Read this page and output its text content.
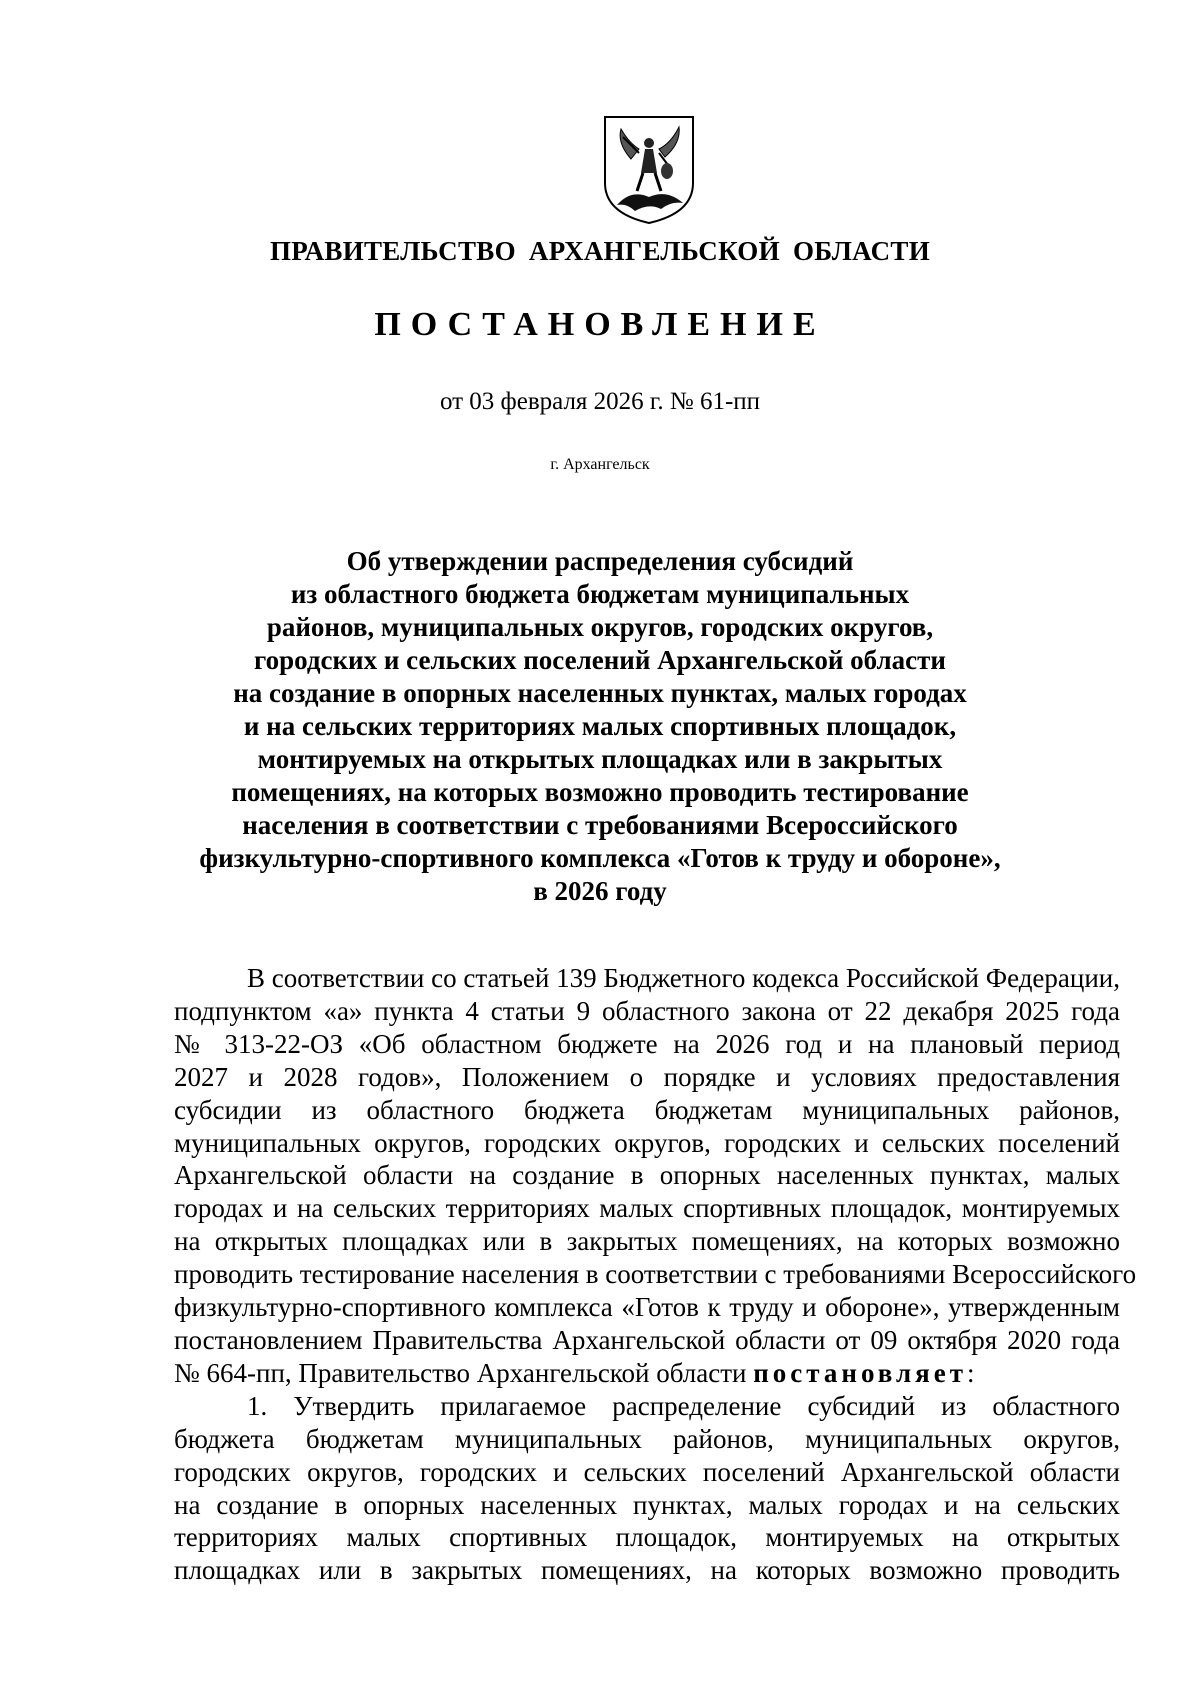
ПРАВИТЕЛЬСТВО АРХАНГЕЛЬСКОЙ ОБЛАСТИ
ПОСТАНОВЛЕНИЕ
от 03 февраля 2026 г. № 61-пп
г. Архангельск
Об утверждении распределения субсидий
из областного бюджета бюджетам муниципальных
районов, муниципальных округов, городских округов,
городских и сельских поселений Архангельской области
на создание в опорных населенных пунктах, малых городах
и на сельских территориях малых спортивных площадок,
монтируемых на открытых площадках или в закрытых
помещениях, на которых возможно проводить тестирование
населения в соответствии с требованиями Всероссийского
физкультурно-спортивного комплекса «Готов к труду и обороне»,
в 2026 году
В соответствии со статьей 139 Бюджетного кодекса Российской Федерации,
подпунктом «а» пункта 4 статьи 9 областного закона от 22 декабря 2025 года
№ 313-22-ОЗ «Об областном бюджете на 2026 год и на плановый период
2027 и 2028 годов», Положением о порядке и условиях предоставления
субсидии из областного бюджета бюджетам муниципальных районов,
муниципальных округов, городских округов, городских и сельских поселений
Архангельской области на создание в опорных населенных пунктах, малых
городах и на сельских территориях малых спортивных площадок, монтируемых
на открытых площадках или в закрытых помещениях, на которых возможно
проводить тестирование населения в соответствии с требованиями Всероссийского
физкультурно-спортивного комплекса «Готов к труду и обороне», утвержденным
постановлением Правительства Архангельской области от 09 октября 2020 года
№ 664-пп, Правительство Архангельской области постановляет:
1. Утвердить прилагаемое распределение субсидий из областного
бюджета бюджетам муниципальных районов, муниципальных округов,
городских округов, городских и сельских поселений Архангельской области
на создание в опорных населенных пунктах, малых городах и на сельских
территориях малых спортивных площадок, монтируемых на открытых
площадках или в закрытых помещениях, на которых возможно проводить
